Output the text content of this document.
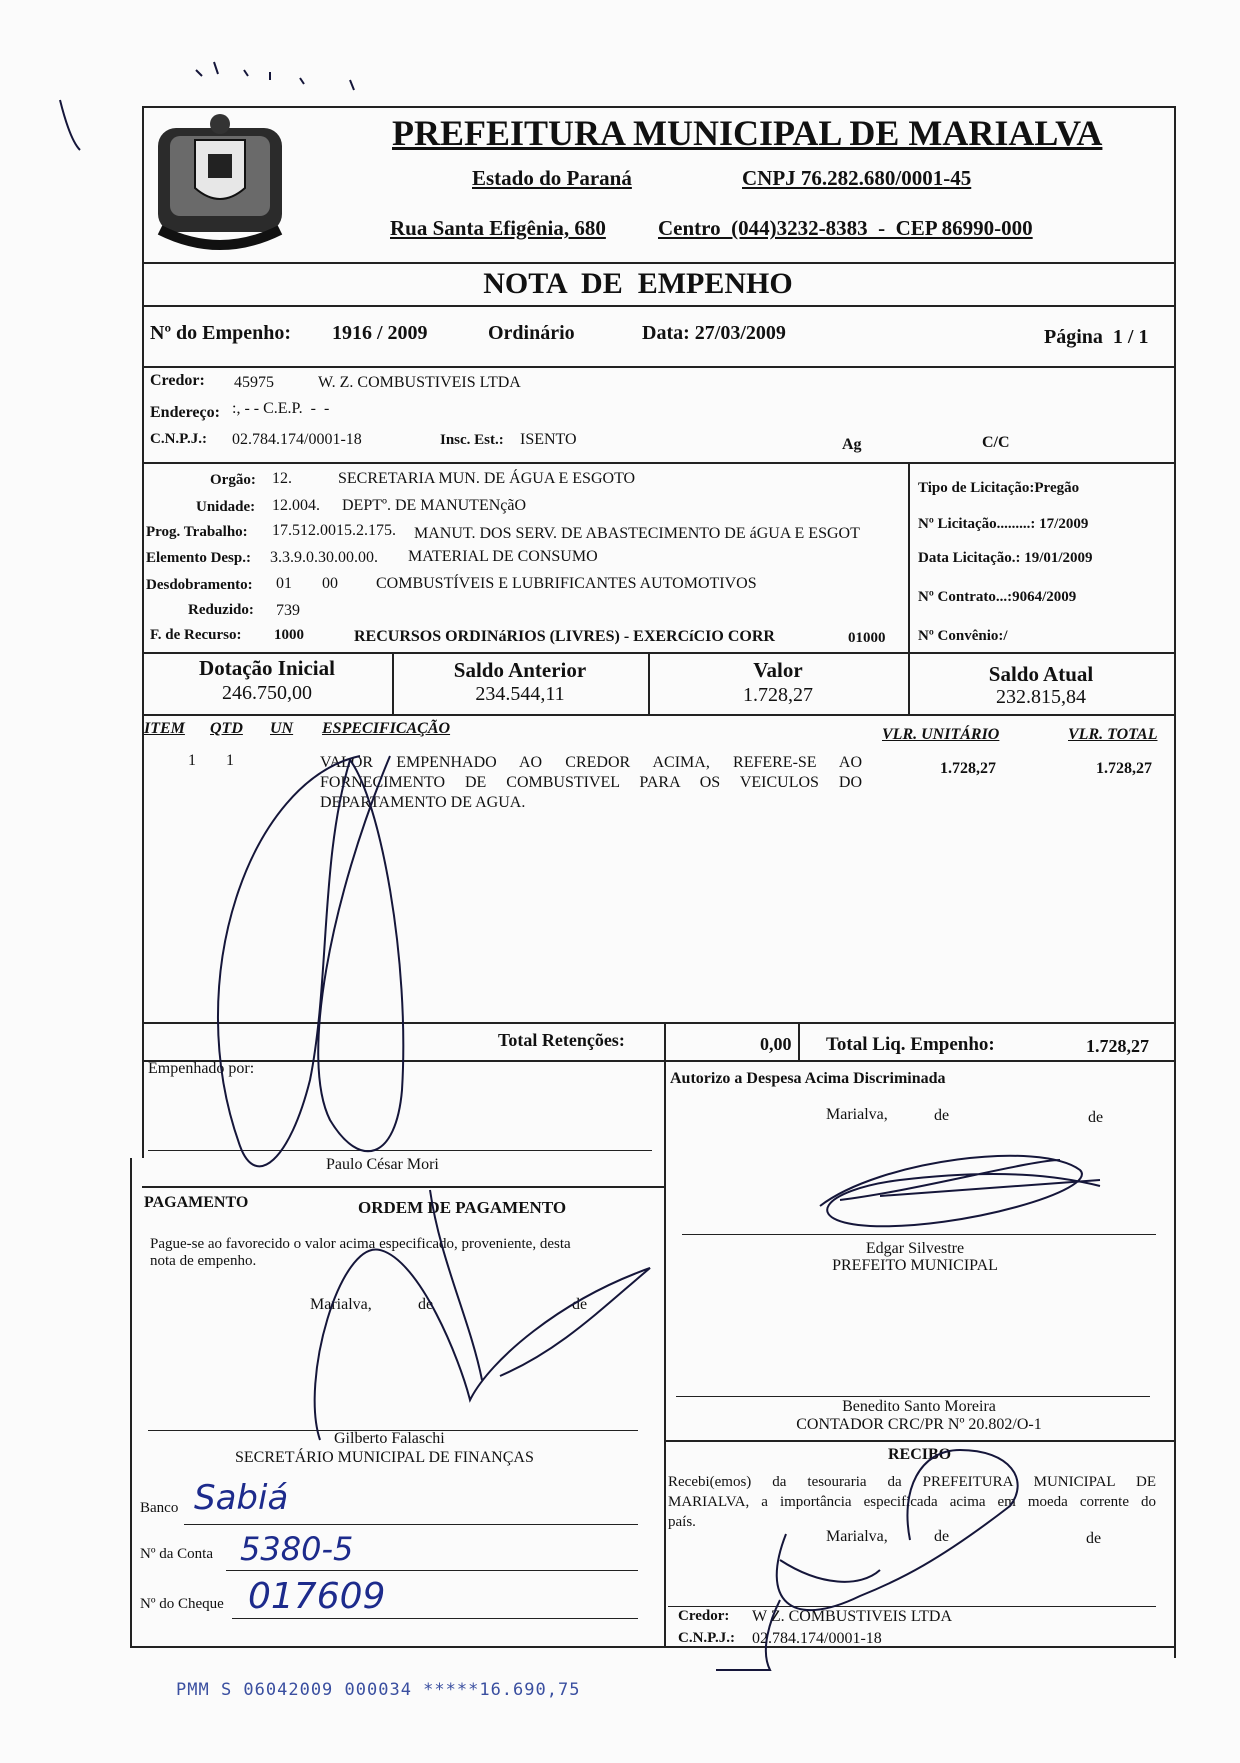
PREFEITURA MUNICIPAL DE MARIALVA
Estado do Paraná	CNPJ 76.282.680/0001-45
Rua Santa Efigênia, 680 Centro  (044)3232-8383  -  CEP 86990-000
NOTA  DE  EMPENHO
Nº do Empenho: 1916 / 2009	Ordinário	Data: 27/03/2009	Página  1 / 1
Credor: 45975	W. Z. COMBUSTIVEIS LTDA
Endereço: :, - - C.E.P.  -  -
C.N.P.J.: 02.784.174/0001-18	Insc. Est.: ISENTO	Ag	C/C
Orgão: 12.	SECRETARIA MUN. DE ÁGUA E ESGOTO
Unidade: 12.004. DEPTº. DE MANUTENçãO
Prog. Trabalho: 17.512.0015.2.175. MANUT. DOS SERV. DE ABASTECIMENTO DE áGUA E ESGOT
Elemento Desp.: 3.3.9.0.30.00.00. MATERIAL DE CONSUMO
Desdobramento: 01 00 COMBUSTÍVEIS E LUBRIFICANTES AUTOMOTIVOS
Reduzido: 739
F. de Recurso: 1000	RECURSOS ORDINáRIOS (LIVRES) - EXERCíCIO CORR	01000
Tipo de Licitação:Pregão
Nº Licitação.........: 17/2009
Data Licitação.: 19/01/2009
Nº Contrato...:9064/2009
Nº Convênio:/
Dotação Inicial
246.750,00
Saldo Anterior
234.544,11
Valor
1.728,27
Saldo Atual
232.815,84
ITEM QTD UN ESPECIFICAÇÃO	VLR. UNITÁRIO	VLR. TOTAL
1 1	VALOR EMPENHADO AO CREDOR ACIMA, REFERE-SE AO
FORNECIMENTO DE COMBUSTIVEL PARA OS VEICULOS DO
DEPARTAMENTO DE AGUA.
1.728,27	1.728,27
Total Retenções:	0,00 Total Liq. Empenho:	1.728,27
Empenhado por:
Paulo César Mori
Autorizo a Despesa Acima Discriminada
Marialva,	de	de
Edgar Silvestre
PREFEITO MUNICIPAL
PAGAMENTO	ORDEM DE PAGAMENTO
Pague-se ao favorecido o valor acima especificado, proveniente, desta
nota de empenho.
Marialva,	de	de
Gilberto Falaschi
SECRETÁRIO MUNICIPAL DE FINANÇAS
Benedito Santo Moreira
CONTADOR CRC/PR Nº 20.802/O-1
Banco Sabiá
Nº da Conta 5380-5
Nº do Cheque 017609
RECIBO
Recebi(emos) da tesouraria da PREFEITURA MUNICIPAL DE
MARIALVA, a importância especificada acima em moeda corrente do
país.
Marialva,	de	de
Credor: W Z. COMBUSTIVEIS LTDA
C.N.P.J.: 02.784.174/0001-18
PMM S 06042009 000034 *****16.690,75
